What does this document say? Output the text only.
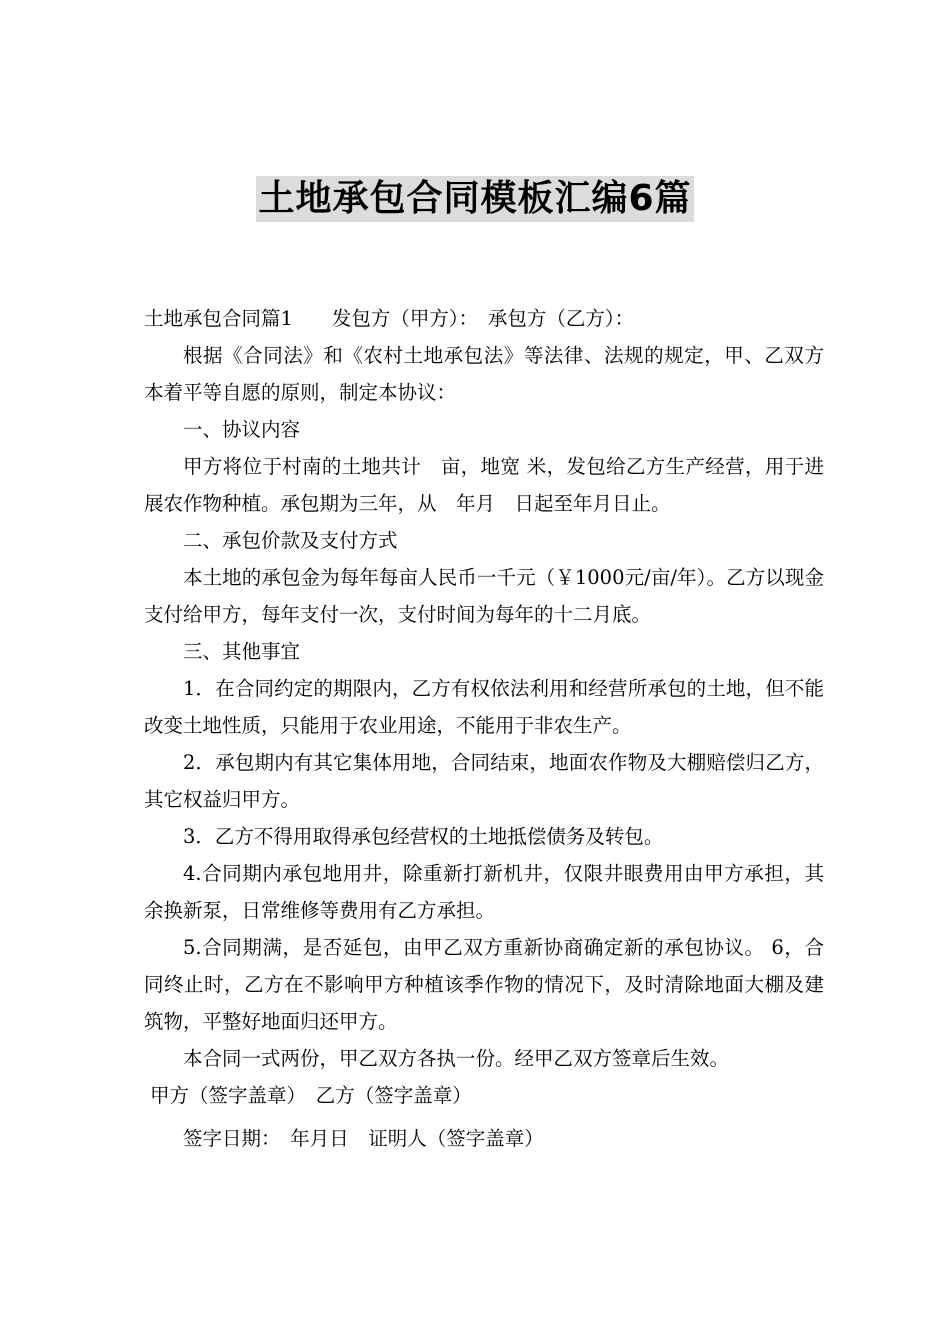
土地承包合同模板汇编6篇

土地承包合同篇1　　发包方（甲方）：　承包方（乙方）：

根据《合同法》和《农村土地承包法》等法律、法规的规定，甲、乙双方本着平等自愿的原则，制定本协议：

一、协议内容

甲方将位于村南的土地共计　亩，地宽 米，发包给乙方生产经营，用于进展农作物种植。承包期为三年，从　年月　日起至年月日止。

二、承包价款及支付方式

本土地的承包金为每年每亩人民币一千元（￥1000元/亩/年）。乙方以现金支付给甲方，每年支付一次，支付时间为每年的十二月底。

三、其他事宜

1．在合同约定的期限内，乙方有权依法利用和经营所承包的土地，但不能改变土地性质，只能用于农业用途，不能用于非农生产。

2．承包期内有其它集体用地，合同结束，地面农作物及大棚赔偿归乙方，其它权益归甲方。

3．乙方不得用取得承包经营权的土地抵偿债务及转包。

4.合同期内承包地用井，除重新打新机井，仅限井眼费用由甲方承担，其余换新泵，日常维修等费用有乙方承担。

5.合同期满，是否延包，由甲乙双方重新协商确定新的承包协议。 6，合同终止时，乙方在不影响甲方种植该季作物的情况下，及时清除地面大棚及建筑物，平整好地面归还甲方。

本合同一式两份，甲乙双方各执一份。经甲乙双方签章后生效。

甲方（签字盖章）　乙方（签字盖章）

签字日期：　年月日　证明人（签字盖章）
